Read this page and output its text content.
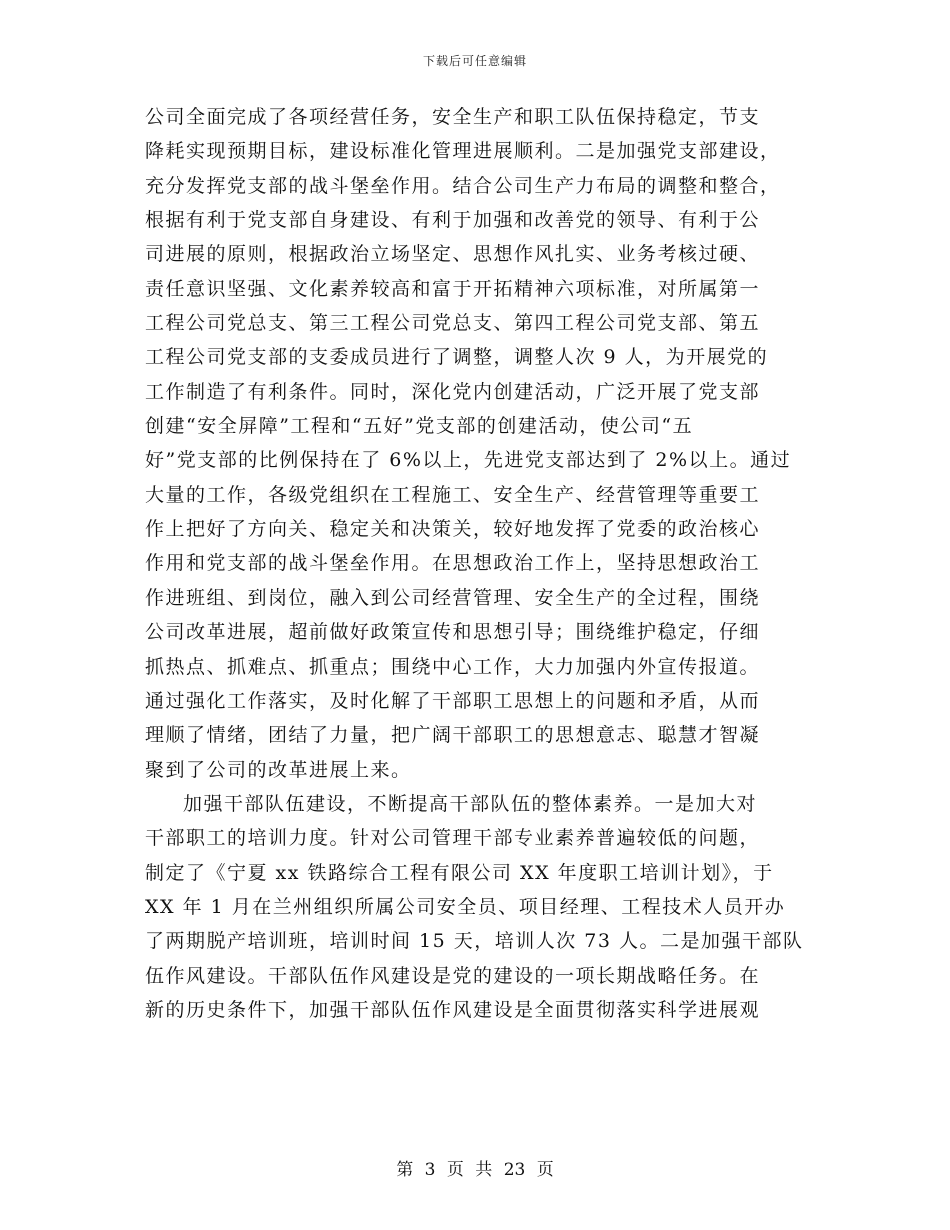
下载后可任意编辑
公司全面完成了各项经营任务，安全生产和职工队伍保持稳定，节支
降耗实现预期目标，建设标准化管理进展顺利。二是加强党支部建设，
充分发挥党支部的战斗堡垒作用。结合公司生产力布局的调整和整合，
根据有利于党支部自身建设、有利于加强和改善党的领导、有利于公
司进展的原则，根据政治立场坚定、思想作风扎实、业务考核过硬、
责任意识坚强、文化素养较高和富于开拓精神六项标准，对所属第一
工程公司党总支、第三工程公司党总支、第四工程公司党支部、第五
工程公司党支部的支委成员进行了调整，调整人次 9 人，为开展党的
工作制造了有利条件。同时，深化党内创建活动，广泛开展了党支部
创建“安全屏障”工程和“五好”党支部的创建活动，使公司“五
好”党支部的比例保持在了 6%以上，先进党支部达到了 2%以上。通过
大量的工作，各级党组织在工程施工、安全生产、经营管理等重要工
作上把好了方向关、稳定关和决策关，较好地发挥了党委的政治核心
作用和党支部的战斗堡垒作用。在思想政治工作上，坚持思想政治工
作进班组、到岗位，融入到公司经营管理、安全生产的全过程，围绕
公司改革进展，超前做好政策宣传和思想引导；围绕维护稳定，仔细
抓热点、抓难点、抓重点；围绕中心工作，大力加强内外宣传报道。
通过强化工作落实，及时化解了干部职工思想上的问题和矛盾，从而
理顺了情绪，团结了力量，把广阔干部职工的思想意志、聪慧才智凝
聚到了公司的改革进展上来。
加强干部队伍建设，不断提高干部队伍的整体素养。一是加大对
干部职工的培训力度。针对公司管理干部专业素养普遍较低的问题，
制定了《宁夏 xx 铁路综合工程有限公司 XX 年度职工培训计划》，于
XX 年 1 月在兰州组织所属公司安全员、项目经理、工程技术人员开办
了两期脱产培训班，培训时间 15 天，培训人次 73 人。二是加强干部队
伍作风建设。干部队伍作风建设是党的建设的一项长期战略任务。在
新的历史条件下，加强干部队伍作风建设是全面贯彻落实科学进展观
第 3 页 共 23 页
